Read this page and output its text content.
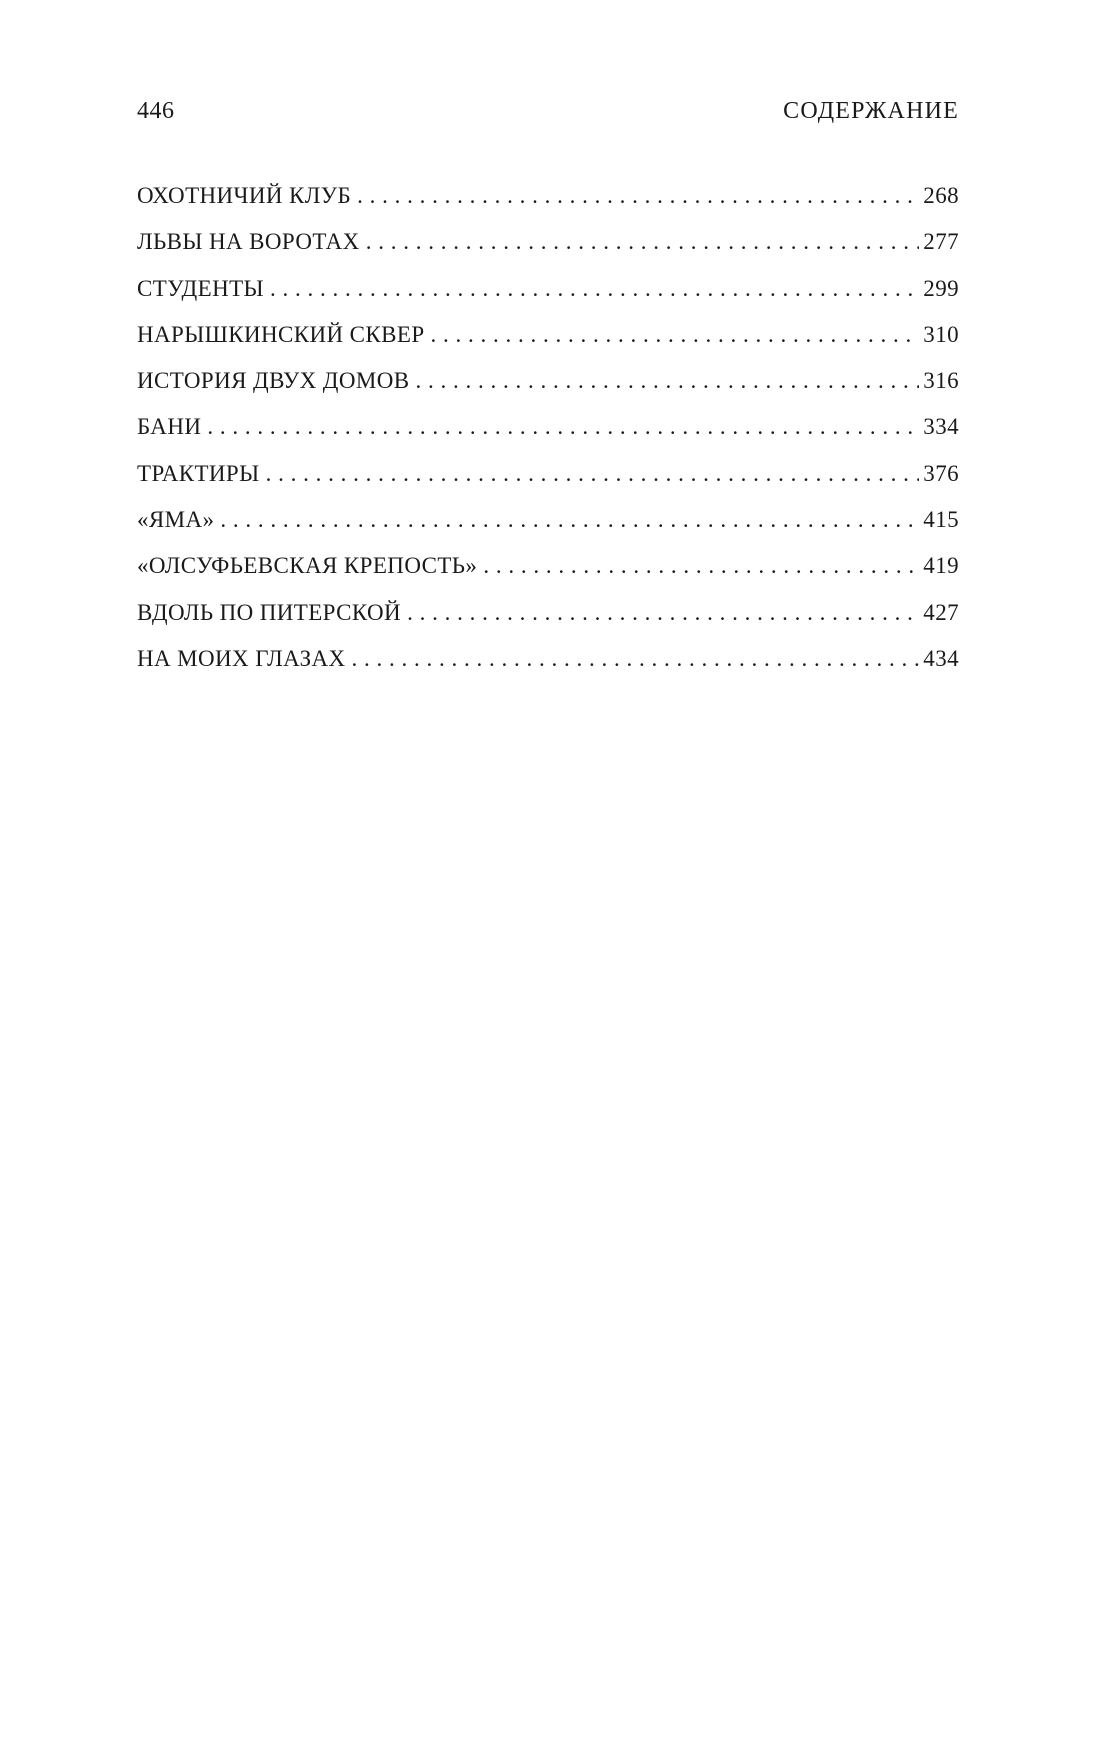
446	СОДЕРЖАНИЕ
ОХОТНИЧИЙ КЛУБ . . .	268
ЛЬВЫ НА ВОРОТАХ . . .	277
СТУДЕНТЫ . . .	299
НАРЫШКИНСКИЙ СКВЕР . . .	310
ИСТОРИЯ ДВУХ ДОМОВ . . .	316
БАНИ . . .	334
ТРАКТИРЫ . . .	376
«ЯМА» . . .	415
«ОЛСУФЬЕВСКАЯ КРЕПОСТЬ» . . .	419
ВДОЛЬ ПО ПИТЕРСКОЙ . . .	427
НА МОИХ ГЛАЗАХ . . .	434
